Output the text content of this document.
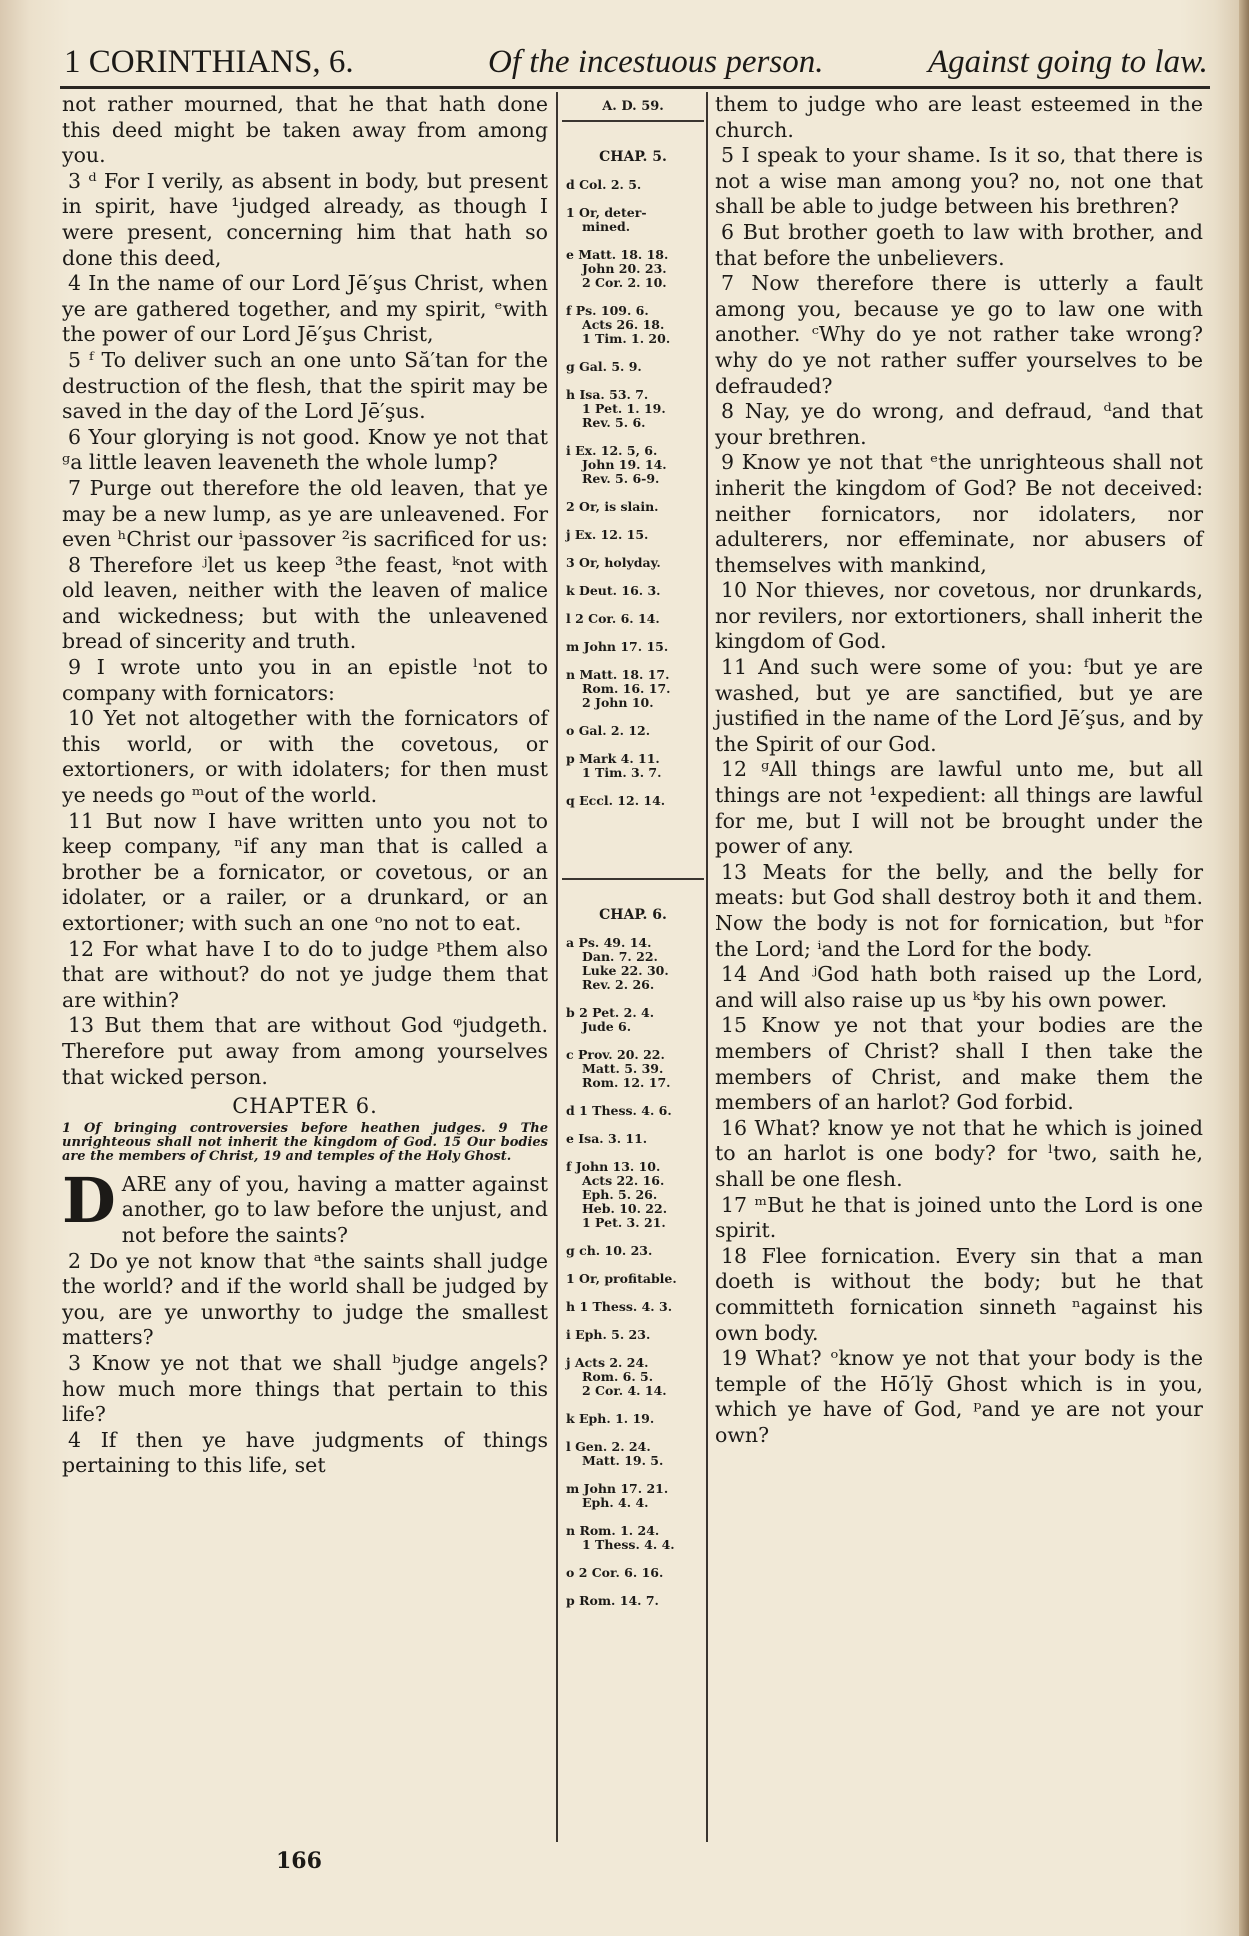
1 CORINTHIANS, 6.	Of the incestuous person.	Against going to law.

not rather mourned, that he that hath done this deed might be taken away from among you.

3 ᵈ For I verily, as absent in body, but present in spirit, have ¹judged already, as though I were present, concerning him that hath so done this deed,

4 In the name of our Lord Jē′şus Christ, when ye are gathered together, and my spirit, ᵉwith the power of our Lord Jē′şus Christ,

5 ᶠ To deliver such an one unto Să′tan for the destruction of the flesh, that the spirit may be saved in the day of the Lord Jē′şus.

6 Your glorying is not good. Know ye not that ᵍa little leaven leaveneth the whole lump?

7 Purge out therefore the old leaven, that ye may be a new lump, as ye are unleavened. For even ʰChrist our ⁱpassover ²is sacrificed for us:

8 Therefore ʲlet us keep ³the feast, ᵏnot with old leaven, neither with the leaven of malice and wickedness; but with the unleavened bread of sincerity and truth.

9 I wrote unto you in an epistle ˡnot to company with fornicators:

10 Yet not altogether with the fornicators of this world, or with the covetous, or extortioners, or with idolaters; for then must ye needs go ᵐout of the world.

11 But now I have written unto you not to keep company, ⁿif any man that is called a brother be a fornicator, or covetous, or an idolater, or a railer, or a drunkard, or an extortioner; with such an one ᵒno not to eat.

12 For what have I to do to judge ᵖthem also that are without? do not ye judge them that are within?

13 But them that are without God ᵠjudgeth. Therefore put away from among yourselves that wicked person.

CHAPTER 6.
1 Of bringing controversies before heathen judges. 9 The unrighteous shall not inherit the kingdom of God. 15 Our bodies are the members of Christ, 19 and temples of the Holy Ghost.

DARE any of you, having a matter against another, go to law before the unjust, and not before the saints?

2 Do ye not know that ᵃthe saints shall judge the world? and if the world shall be judged by you, are ye unworthy to judge the smallest matters?

3 Know ye not that we shall ᵇjudge angels? how much more things that pertain to this life?

4 If then ye have judgments of things pertaining to this life, set

A. D. 59.
CHAP. 5.
d Col. 2. 5.
1 Or, deter-
mined.
e Matt. 18. 18.
John 20. 23.
2 Cor. 2. 10.
f Ps. 109. 6.
Acts 26. 18.
1 Tim. 1. 20.
g Gal. 5. 9.
h Isa. 53. 7.
1 Pet. 1. 19.
Rev. 5. 6.
i Ex. 12. 5, 6.
John 19. 14.
Rev. 5. 6-9.
2 Or, is slain.
j Ex. 12. 15.
3 Or, holyday.
k Deut. 16. 3.
l 2 Cor. 6. 14.
m John 17. 15.
n Matt. 18. 17.
Rom. 16. 17.
2 John 10.
o Gal. 2. 12.
p Mark 4. 11.
1 Tim. 3. 7.
q Eccl. 12. 14.
CHAP. 6.
a Ps. 49. 14.
Dan. 7. 22.
Luke 22. 30.
Rev. 2. 26.
b 2 Pet. 2. 4.
Jude 6.
c Prov. 20. 22.
Matt. 5. 39.
Rom. 12. 17.
d 1 Thess. 4. 6.
e Isa. 3. 11.
f John 13. 10.
Acts 22. 16.
Eph. 5. 26.
Heb. 10. 22.
1 Pet. 3. 21.
g ch. 10. 23.
1 Or, profitable.
h 1 Thess. 4. 3.
i Eph. 5. 23.
j Acts 2. 24.
Rom. 6. 5.
2 Cor. 4. 14.
k Eph. 1. 19.
l Gen. 2. 24.
Matt. 19. 5.
m John 17. 21.
Eph. 4. 4.
n Rom. 1. 24.
1 Thess. 4. 4.
o 2 Cor. 6. 16.
p Rom. 14. 7.

them to judge who are least esteemed in the church.

5 I speak to your shame. Is it so, that there is not a wise man among you? no, not one that shall be able to judge between his brethren?

6 But brother goeth to law with brother, and that before the unbelievers.

7 Now therefore there is utterly a fault among you, because ye go to law one with another. ᶜWhy do ye not rather take wrong? why do ye not rather suffer yourselves to be defrauded?

8 Nay, ye do wrong, and defraud, ᵈand that your brethren.

9 Know ye not that ᵉthe unrighteous shall not inherit the kingdom of God? Be not deceived: neither fornicators, nor idolaters, nor adulterers, nor effeminate, nor abusers of themselves with mankind,

10 Nor thieves, nor covetous, nor drunkards, nor revilers, nor extortioners, shall inherit the kingdom of God.

11 And such were some of you: ᶠbut ye are washed, but ye are sanctified, but ye are justified in the name of the Lord Jē′şus, and by the Spirit of our God.

12 ᵍAll things are lawful unto me, but all things are not ¹expedient: all things are lawful for me, but I will not be brought under the power of any.

13 Meats for the belly, and the belly for meats: but God shall destroy both it and them. Now the body is not for fornication, but ʰfor the Lord; ⁱand the Lord for the body.

14 And ʲGod hath both raised up the Lord, and will also raise up us ᵏby his own power.

15 Know ye not that your bodies are the members of Christ? shall I then take the members of Christ, and make them the members of an harlot? God forbid.

16 What? know ye not that he which is joined to an harlot is one body? for ˡtwo, saith he, shall be one flesh.

17 ᵐBut he that is joined unto the Lord is one spirit.

18 Flee fornication. Every sin that a man doeth is without the body; but he that committeth fornication sinneth ⁿagainst his own body.

19 What? ᵒknow ye not that your body is the temple of the Hō′lȳ Ghost which is in you, which ye have of God, ᵖand ye are not your own?

166
